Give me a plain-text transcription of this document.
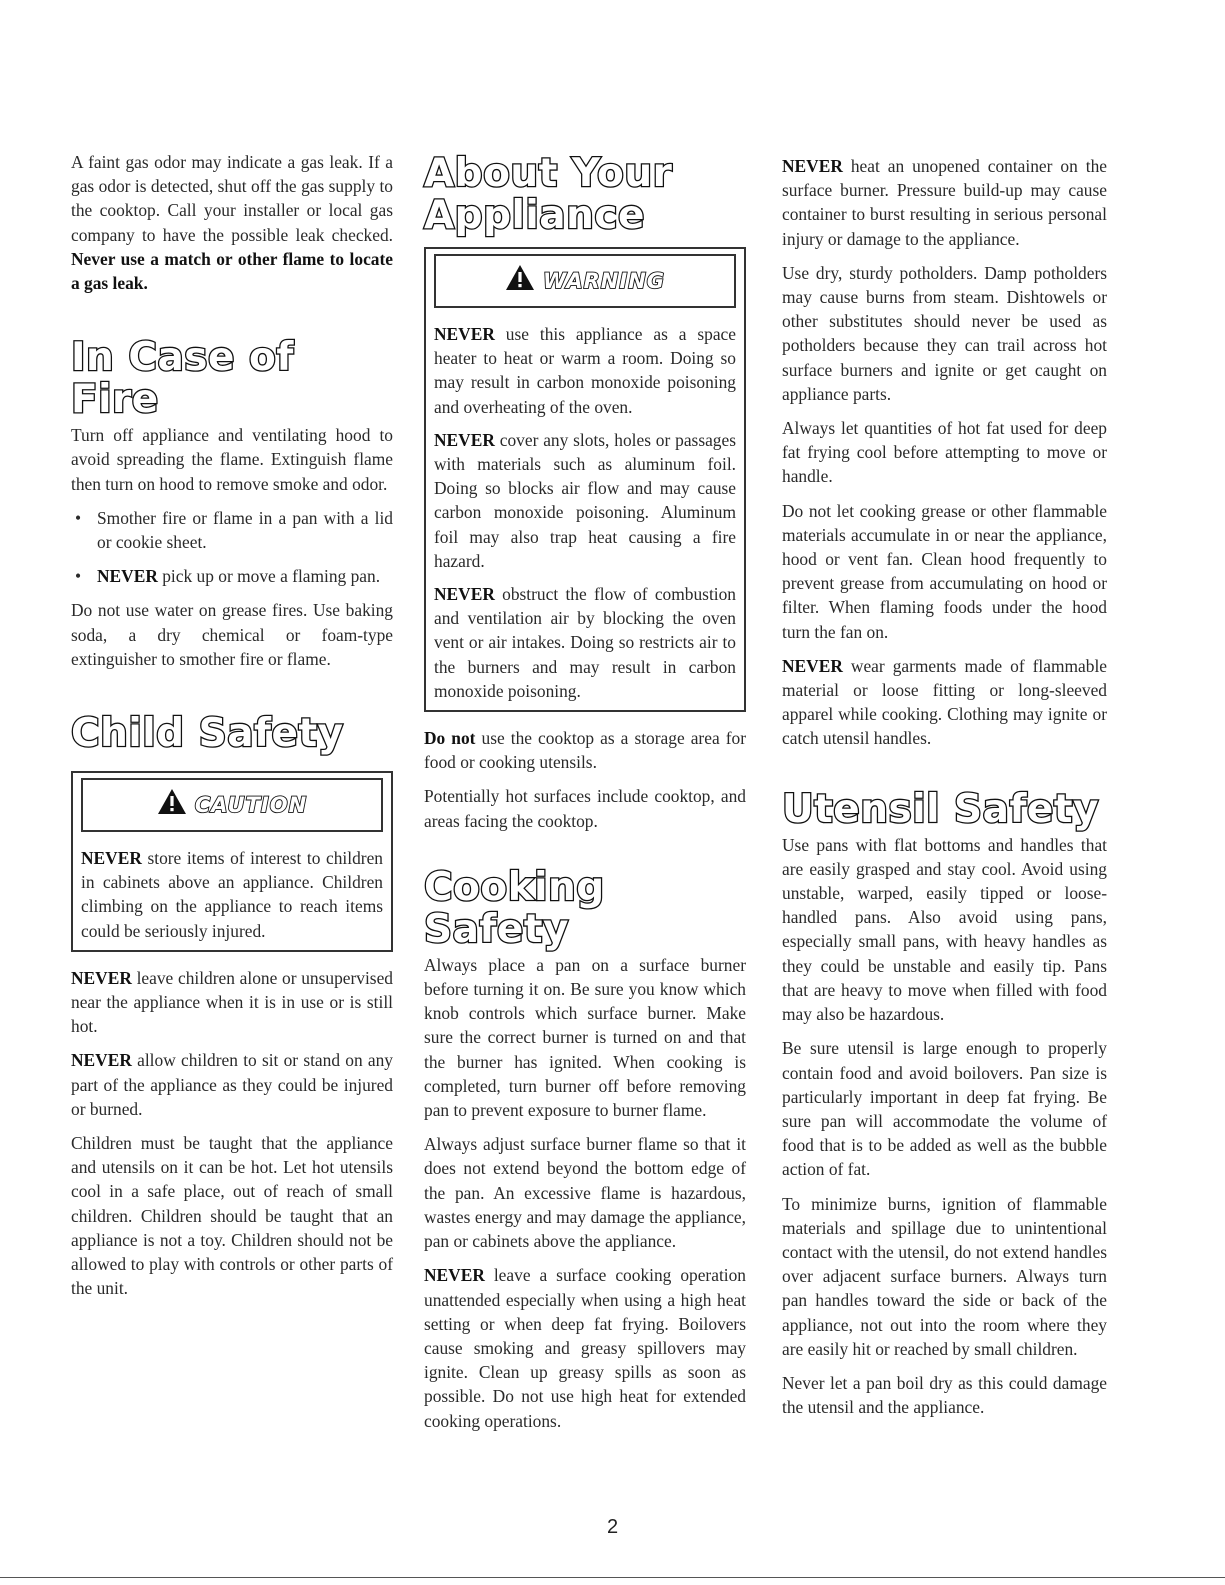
A faint gas odor may indicate a gas leak. If a gas odor is detected, shut off the gas supply to the cooktop. Call your installer or local gas company to have the possible leak checked. Never use a match or other flame to locate a gas leak.

In Case of Fire

Turn off appliance and ventilating hood to avoid spreading the flame. Extinguish flame then turn on hood to remove smoke and odor.

• Smother fire or flame in a pan with a lid or cookie sheet.
• NEVER pick up or move a flaming pan.

Do not use water on grease fires. Use baking soda, a dry chemical or foam-type extinguisher to smother fire or flame.

Child Safety
CAUTION

NEVER store items of interest to children in cabinets above an appliance. Children climbing on the appliance to reach items could be seriously injured.

NEVER leave children alone or unsupervised near the appliance when it is in use or is still hot.

NEVER allow children to sit or stand on any part of the appliance as they could be injured or burned.

Children must be taught that the appliance and utensils on it can be hot. Let hot utensils cool in a safe place, out of reach of small children. Children should be taught that an appliance is not a toy. Children should not be allowed to play with controls or other parts of the unit.

About Your
Appliance
WARNING

NEVER use this appliance as a space heater to heat or warm a room. Doing so may result in carbon monoxide poisoning and overheating of the oven.

NEVER cover any slots, holes or passages with materials such as aluminum foil. Doing so blocks air flow and may cause carbon monoxide poisoning. Aluminum foil may also trap heat causing a fire hazard.

NEVER obstruct the flow of combustion and ventilation air by blocking the oven vent or air intakes. Doing so restricts air to the burners and may result in carbon monoxide poisoning.

Do not use the cooktop as a storage area for food or cooking utensils.

Potentially hot surfaces include cooktop, and areas facing the cooktop.

Cooking Safety

Always place a pan on a surface burner before turning it on. Be sure you know which knob controls which surface burner. Make sure the correct burner is turned on and that the burner has ignited. When cooking is completed, turn burner off before removing pan to prevent exposure to burner flame.

Always adjust surface burner flame so that it does not extend beyond the bottom edge of the pan. An excessive flame is hazardous, wastes energy and may damage the appliance, pan or cabinets above the appliance.

NEVER leave a surface cooking operation unattended especially when using a high heat setting or when deep fat frying. Boilovers cause smoking and greasy spillovers may ignite. Clean up greasy spills as soon as possible. Do not use high heat for extended cooking operations.

NEVER heat an unopened container on the surface burner. Pressure build-up may cause container to burst resulting in serious personal injury or damage to the appliance.

Use dry, sturdy potholders. Damp potholders may cause burns from steam. Dishtowels or other substitutes should never be used as potholders because they can trail across hot surface burners and ignite or get caught on appliance parts.

Always let quantities of hot fat used for deep fat frying cool before attempting to move or handle.

Do not let cooking grease or other flammable materials accumulate in or near the appliance, hood or vent fan. Clean hood frequently to prevent grease from accumulating on hood or filter. When flaming foods under the hood turn the fan on.

NEVER wear garments made of flammable material or loose fitting or long-sleeved apparel while cooking. Clothing may ignite or catch utensil handles.

Utensil Safety

Use pans with flat bottoms and handles that are easily grasped and stay cool. Avoid using unstable, warped, easily tipped or loose-handled pans. Also avoid using pans, especially small pans, with heavy handles as they could be unstable and easily tip. Pans that are heavy to move when filled with food may also be hazardous.

Be sure utensil is large enough to properly contain food and avoid boilovers. Pan size is particularly important in deep fat frying. Be sure pan will accommodate the volume of food that is to be added as well as the bubble action of fat.

To minimize burns, ignition of flammable materials and spillage due to unintentional contact with the utensil, do not extend handles over adjacent surface burners. Always turn pan handles toward the side or back of the appliance, not out into the room where they are easily hit or reached by small children.

Never let a pan boil dry as this could damage the utensil and the appliance.

2
